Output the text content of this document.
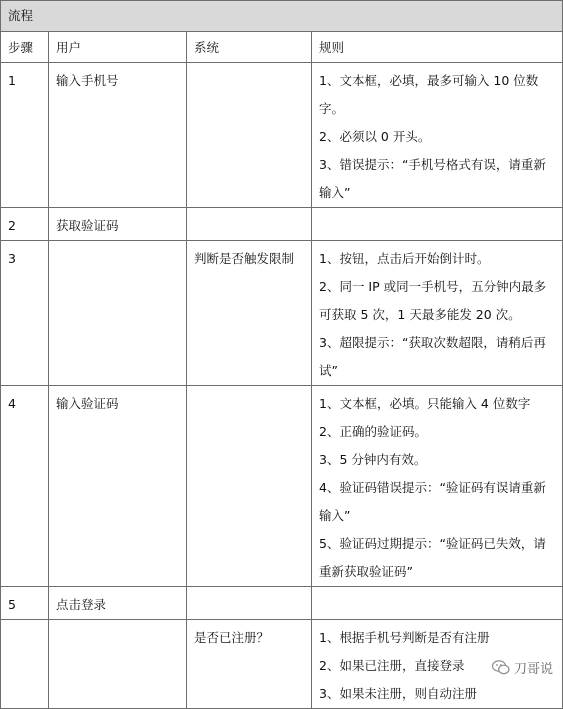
流程			
步骤	用户	系统	规则
1	输入手机号		1、文本框，必填，最多可输入 10 位数字。
2、必须以 0 开头。
3、错误提示：“手机号格式有误，请重新输入”

2	获取验证码		
3		判断是否触发限制	1、按钮，点击后开始倒计时。
2、同一 IP 或同一手机号，五分钟内最多可获取 5 次，1 天最多能发 20 次。
3、超限提示：“获取次数超限，请稍后再试”

4	输入验证码		1、文本框，必填。只能输入 4 位数字
2、正确的验证码。
3、5 分钟内有效。
4、验证码错误提示：“验证码有误请重新输入”
5、验证码过期提示：“验证码已失效，请重新获取验证码”

5	点击登录		
		是否已注册？	1、根据手机号判断是否有注册
2、如果已注册，直接登录
3、如果未注册，则自动注册
刀哥说
